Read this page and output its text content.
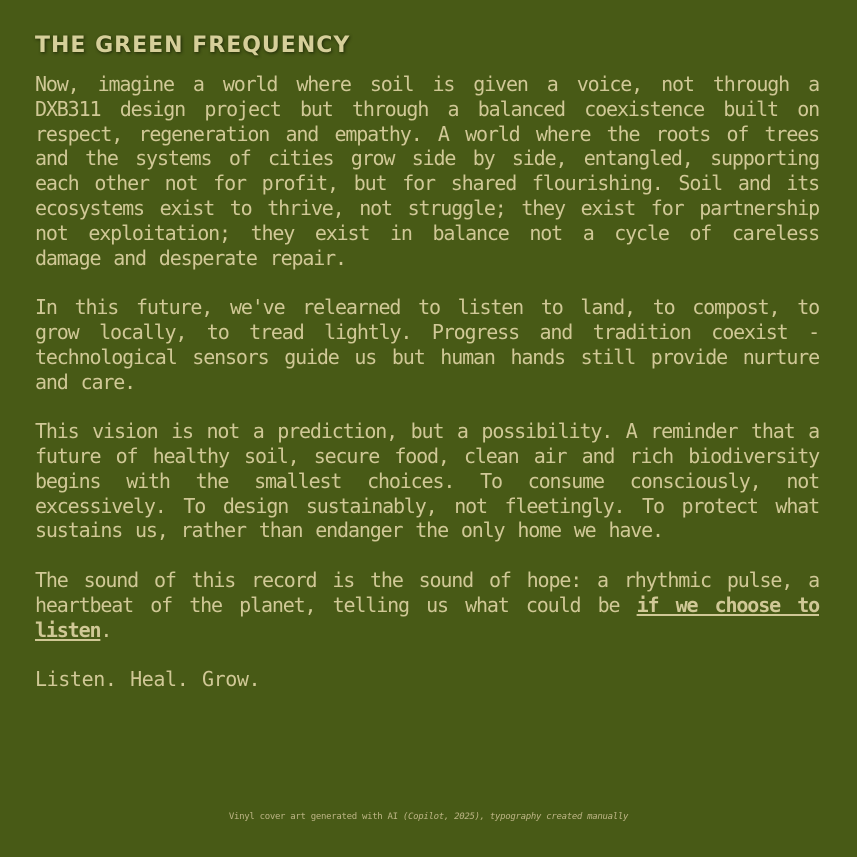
THE GREEN FREQUENCY

Now, imagine a world where soil is given a voice, not through a DXB311 design project but through a balanced coexistence built on respect, regeneration and empathy. A world where the roots of trees and the systems of cities grow side by side, entangled, supporting each other not for profit, but for shared flourishing. Soil and its ecosystems exist to thrive, not struggle; they exist for partnership not exploitation; they exist in balance not a cycle of careless damage and desperate repair.

In this future, we've relearned to listen to land, to compost, to grow locally, to tread lightly. Progress and tradition coexist - technological sensors guide us but human hands still provide nurture and care.

This vision is not a prediction, but a possibility. A reminder that a future of healthy soil, secure food, clean air and rich biodiversity begins with the smallest choices. To consume consciously, not excessively. To design sustainably, not fleetingly. To protect what sustains us, rather than endanger the only home we have.

The sound of this record is the sound of hope: a rhythmic pulse, a heartbeat of the planet, telling us what could be if we choose to listen.

Listen. Heal. Grow.

Vinyl cover art generated with AI (Copilot, 2025), typography created manually
